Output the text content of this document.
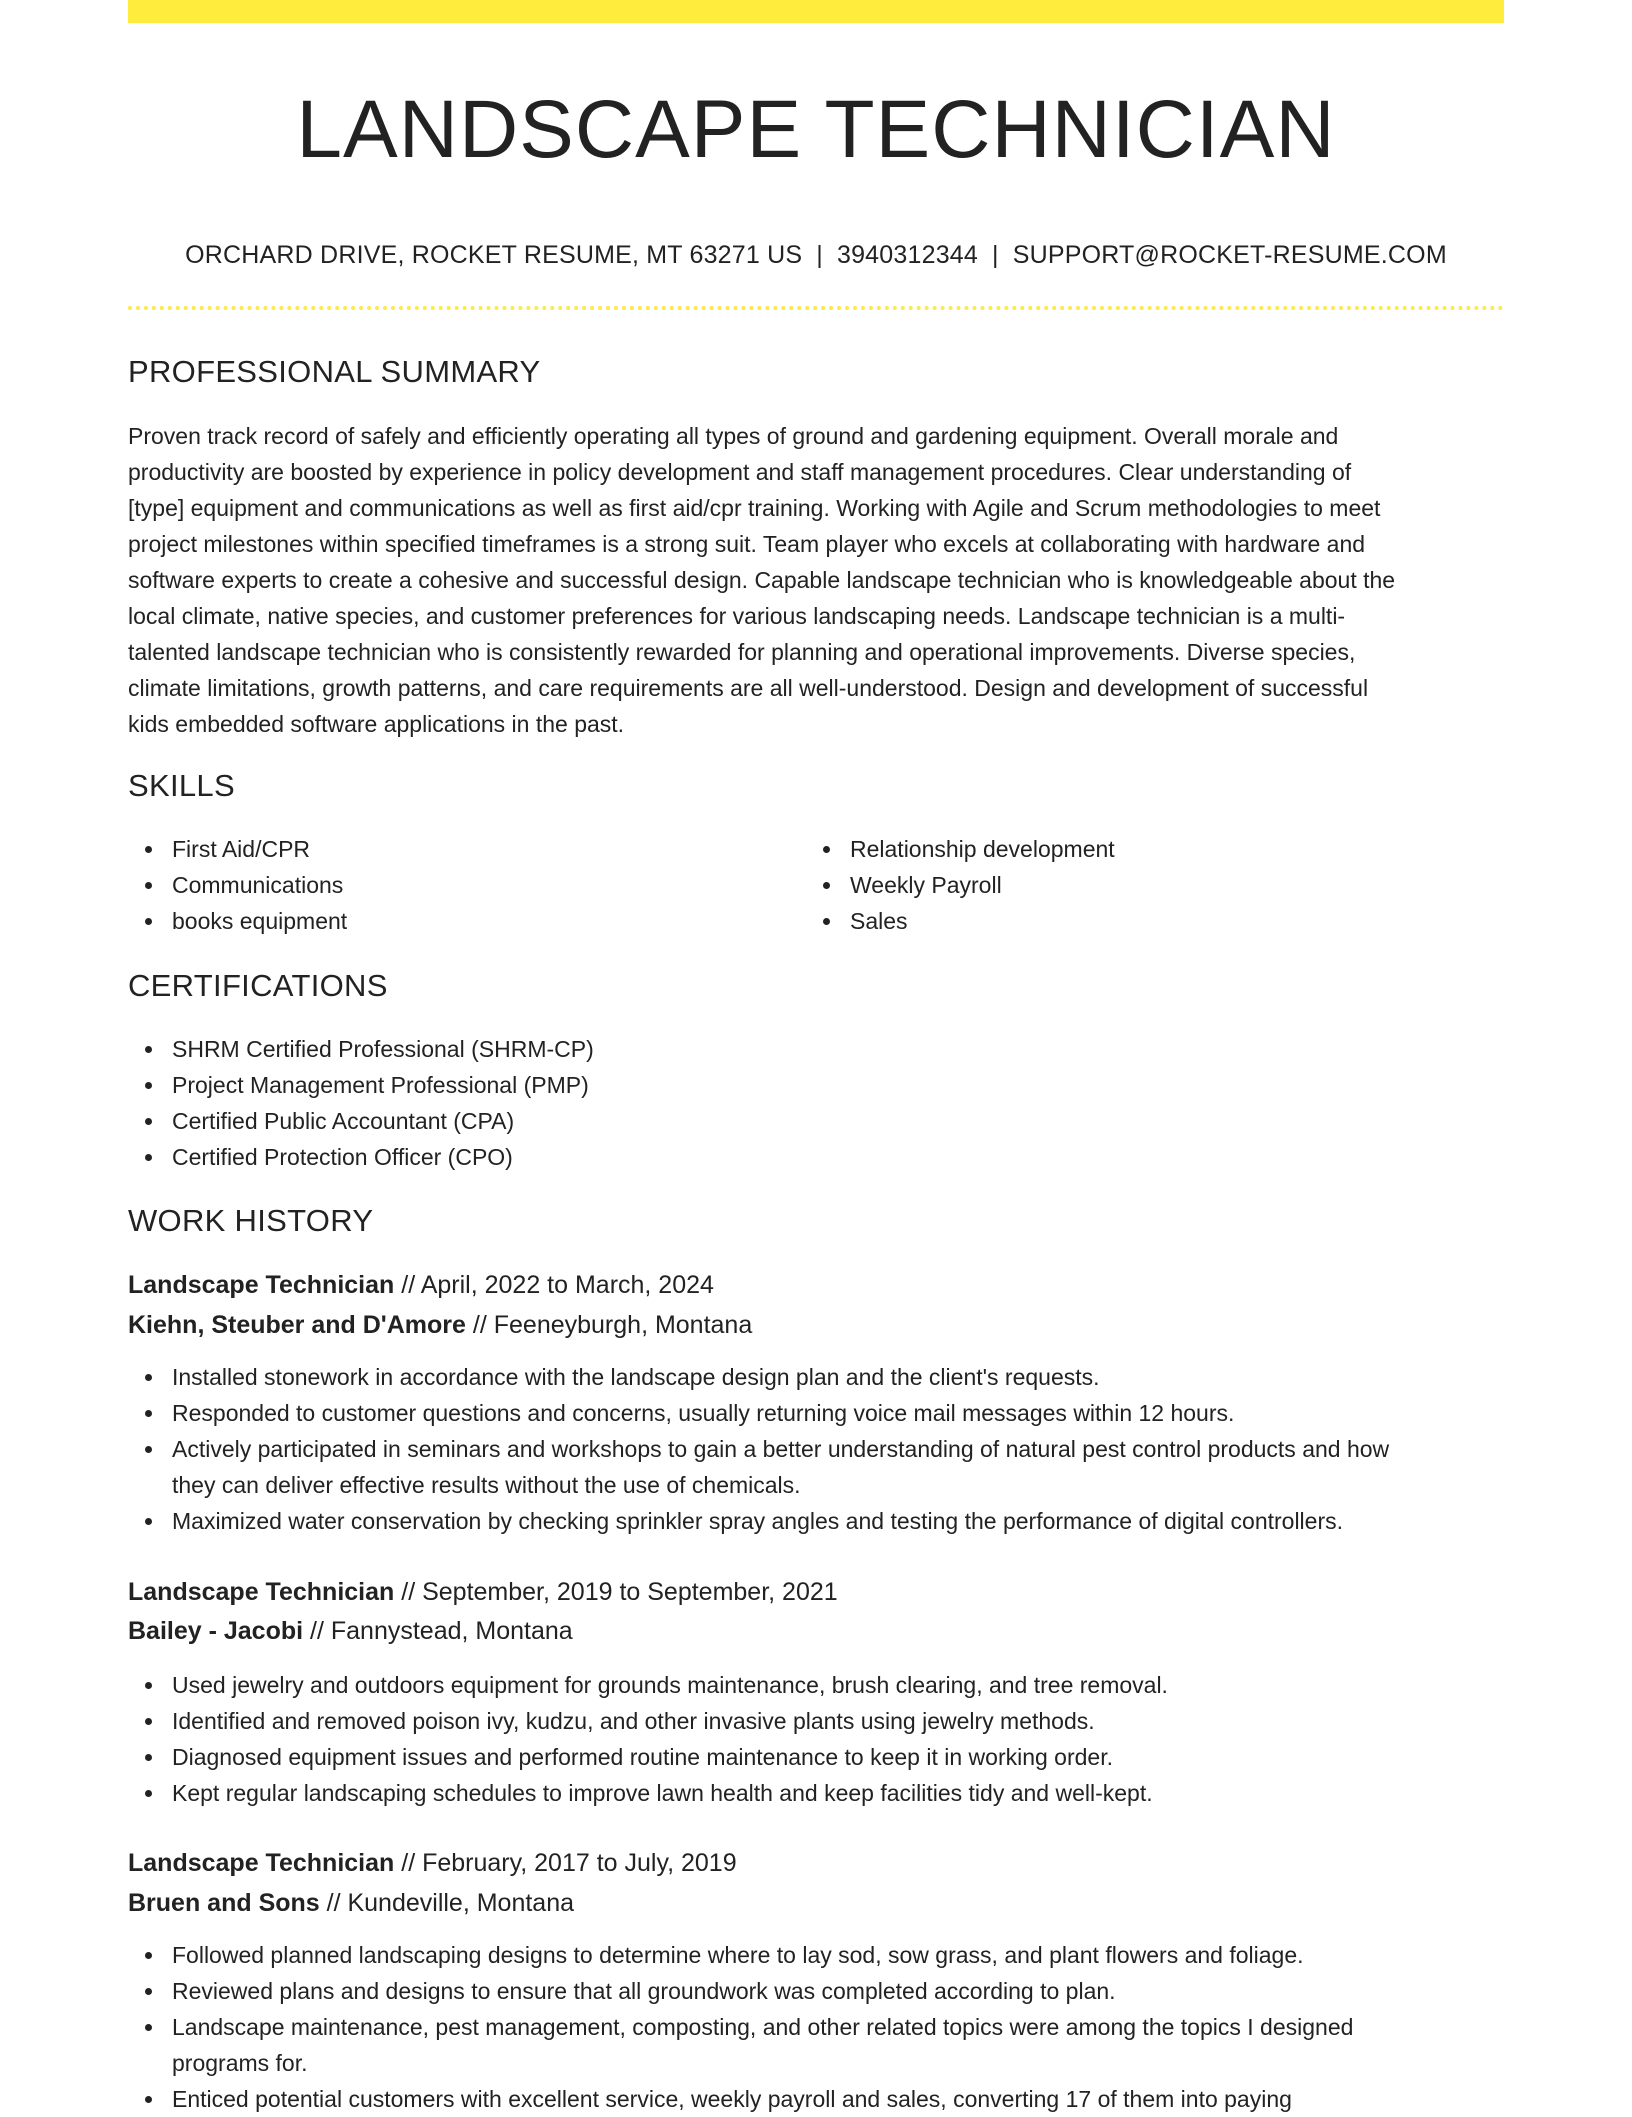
LANDSCAPE TECHNICIAN
ORCHARD DRIVE, ROCKET RESUME, MT 63271 US | 3940312344 | SUPPORT@ROCKET-RESUME.COM
PROFESSIONAL SUMMARY
Proven track record of safely and efficiently operating all types of ground and gardening equipment. Overall morale and
productivity are boosted by experience in policy development and staff management procedures. Clear understanding of
[type] equipment and communications as well as first aid/cpr training. Working with Agile and Scrum methodologies to meet
project milestones within specified timeframes is a strong suit. Team player who excels at collaborating with hardware and
software experts to create a cohesive and successful design. Capable landscape technician who is knowledgeable about the
local climate, native species, and customer preferences for various landscaping needs. Landscape technician is a multi-
talented landscape technician who is consistently rewarded for planning and operational improvements. Diverse species,
climate limitations, growth patterns, and care requirements are all well-understood. Design and development of successful
kids embedded software applications in the past.
SKILLS
First Aid/CPR
Communications
books equipment
Relationship development
Weekly Payroll
Sales
CERTIFICATIONS
SHRM Certified Professional (SHRM-CP)
Project Management Professional (PMP)
Certified Public Accountant (CPA)
Certified Protection Officer (CPO)
WORK HISTORY
Landscape Technician // April, 2022 to March, 2024
Kiehn, Steuber and D'Amore // Feeneyburgh, Montana
Installed stonework in accordance with the landscape design plan and the client's requests.
Responded to customer questions and concerns, usually returning voice mail messages within 12 hours.
Actively participated in seminars and workshops to gain a better understanding of natural pest control products and how
they can deliver effective results without the use of chemicals.
Maximized water conservation by checking sprinkler spray angles and testing the performance of digital controllers.
Landscape Technician // September, 2019 to September, 2021
Bailey - Jacobi // Fannystead, Montana
Used jewelry and outdoors equipment for grounds maintenance, brush clearing, and tree removal.
Identified and removed poison ivy, kudzu, and other invasive plants using jewelry methods.
Diagnosed equipment issues and performed routine maintenance to keep it in working order.
Kept regular landscaping schedules to improve lawn health and keep facilities tidy and well-kept.
Landscape Technician // February, 2017 to July, 2019
Bruen and Sons // Kundeville, Montana
Followed planned landscaping designs to determine where to lay sod, sow grass, and plant flowers and foliage.
Reviewed plans and designs to ensure that all groundwork was completed according to plan.
Landscape maintenance, pest management, composting, and other related topics were among the topics I designed
programs for.
Enticed potential customers with excellent service, weekly payroll and sales, converting 17 of them into paying
